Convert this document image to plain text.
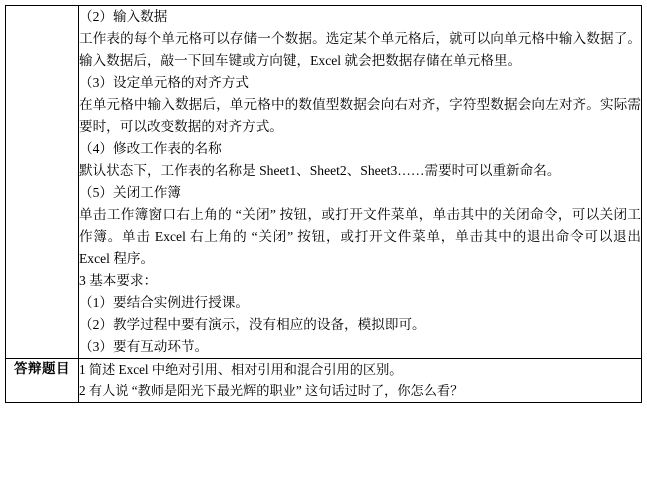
（2）输入数据

工作表的每个单元格可以存储一个数据。选定某个单元格后，就可以向单元格中输入数据了。输入数据后，敲一下回车键或方向键，Excel 就会把数据存储在单元格里。

（3）设定单元格的对齐方式

在单元格中输入数据后，单元格中的数值型数据会向右对齐，字符型数据会向左对齐。实际需要时，可以改变数据的对齐方式。

（4）修改工作表的名称

默认状态下，工作表的名称是 Sheet1、Sheet2、Sheet3……需要时可以重新命名。

（5）关闭工作簿

单击工作簿窗口右上角的 “关闭” 按钮，或打开文件菜单，单击其中的关闭命令，可以关闭工作簿。单击 Excel 右上角的 “关闭” 按钮，或打开文件菜单，单击其中的退出命令可以退出 Excel 程序。

3 基本要求：

（1）要结合实例进行授课。

（2）教学过程中要有演示，没有相应的设备，模拟即可。

（3）要有互动环节。

答辩题目	1 简述 Excel 中绝对引用、相对引用和混合引用的区别。

2 有人说 “教师是阳光下最光辉的职业” 这句话过时了，你怎么看？
